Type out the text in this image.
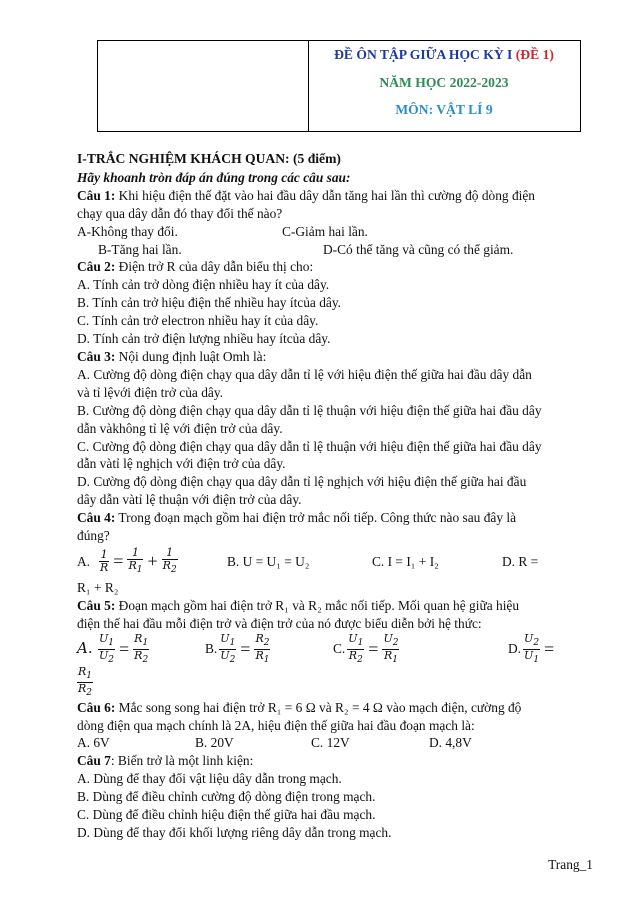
ĐỀ ÔN TẬP GIỮA HỌC KỲ I (ĐỀ 1)
NĂM HỌC 2022-2023
MÔN: VẬT LÍ 9
I-TRẮC NGHIỆM KHÁCH QUAN: (5 điểm)
Hãy khoanh tròn đáp án đúng trong các câu sau:
Câu 1: Khi hiệu điện thế đặt vào hai đầu dây dẫn tăng hai lần thì cường độ dòng điện
chạy qua dây dẫn đó thay đổi thế nào?
A-Không thay đổi.	C-Giảm hai lần.
B-Tăng hai lần.	D-Có thể tăng và cũng có thể giảm.
Câu 2: Điện trở R của dây dẫn biểu thị cho:
A. Tính cản trở dòng điện nhiều hay ít của dây.
B. Tính cản trở hiệu điện thế nhiều hay ítcủa dây.
C. Tính cản trở electron nhiều hay ít của dây.
D. Tính cản trở điện lượng nhiều hay ítcủa dây.
Câu 3: Nội dung định luật Omh là:
A. Cường độ dòng điện chạy qua dây dẫn tỉ lệ với hiệu điện thế giữa hai đầu dây dẫn
và tỉ lệvới điện trở của dây.
B. Cường độ dòng điện chạy qua dây dẫn tỉ lệ thuận với hiệu điện thế giữa hai đầu dây
dẫn vàkhông tỉ lệ với điện trở của dây.
C. Cường độ dòng điện chạy qua dây dẫn tỉ lệ thuận với hiệu điện thế giữa hai đầu dây
dẫn vàtỉ lệ nghịch với điện trở của dây.
D. Cường độ dòng điện chạy qua dây dẫn tỉ lệ nghịch với hiệu điện thế giữa hai đầu
dây dẫn vàtỉ lệ thuận với điện trở của dây.
Câu 4: Trong đoạn mạch gồm hai điện trở mắc nối tiếp. Công thức nào sau đây là
đúng?
A. $\frac{1}{R} = \frac{1}{R_1} + \frac{1}{R_2}$	B. U = U₁ = U₂	C. I = I₁ + I₂	D. R =
R₁ + R₂
Câu 5: Đoạn mạch gồm hai điện trở R₁ và R₂ mắc nối tiếp. Mối quan hệ giữa hiệu
điện thế hai đầu mỗi điện trở và điện trở của nó được biểu diễn bởi hệ thức:
A. $\frac{U_1}{U_2} = \frac{R_1}{R_2}$	B. $\frac{U_1}{U_2} = \frac{R_2}{R_1}$	C. $\frac{U_1}{R_2} = \frac{U_2}{R_1}$	D. $\frac{U_2}{U_1}$ =
$\frac{R_1}{R_2}$
Câu 6: Mắc song song hai điện trở R₁ = 6 Ω và R₂ = 4 Ω vào mạch điện, cường độ
dòng điện qua mạch chính là 2A, hiệu điện thế giữa hai đầu đoạn mạch là:
A. 6V	B. 20V	C. 12V	D. 4,8V
Câu 7: Biến trở là một linh kiện:
A. Dùng để thay đổi vật liệu dây dẫn trong mạch.
B. Dùng để điều chỉnh cường độ dòng điện trong mạch.
C. Dùng để điều chỉnh hiệu điện thế giữa hai đầu mạch.
D. Dùng để thay đổi khối lượng riêng dây dẫn trong mạch.
Trang_1
